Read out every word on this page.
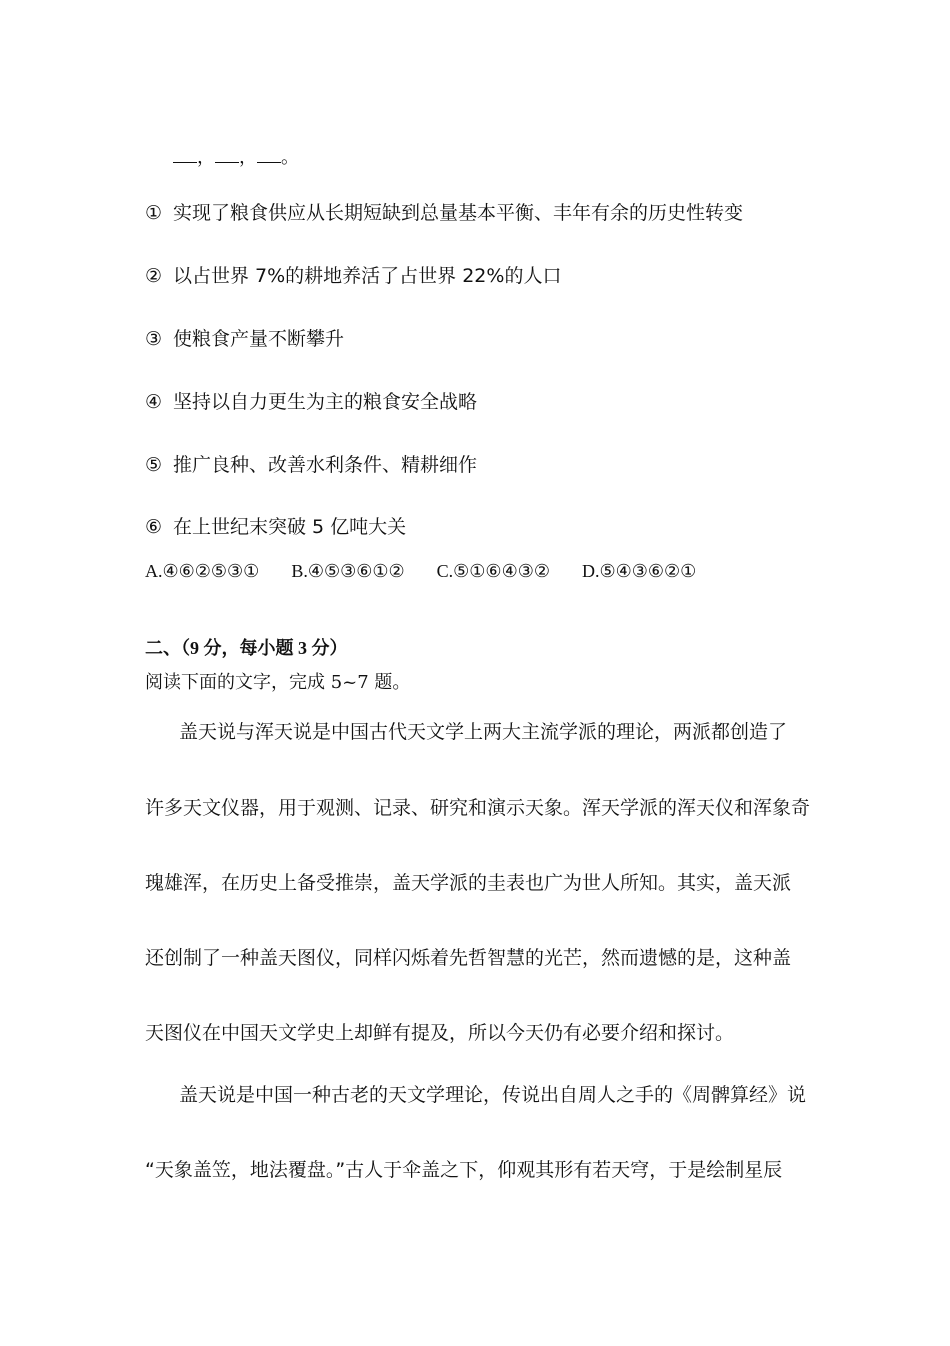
， ， 。

① 实现了粮食供应从长期短缺到总量基本平衡、丰年有余的历史性转变

② 以占世界 7%的耕地养活了占世界 22%的人口

③ 使粮食产量不断攀升

④ 坚持以自力更生为主的粮食安全战略

⑤ 推广良种、改善水利条件、精耕细作

⑥ 在上世纪末突破 5 亿吨大关

A.④⑥②⑤③① B.④⑤③⑥①② C.⑤①⑥④③② D.⑤④③⑥②①

二、（9 分，每小题 3 分）

阅读下面的文字，完成 5~7 题。

盖天说与浑天说是中国古代天文学上两大主流学派的理论，两派都创造了

许多天文仪器，用于观测、记录、研究和演示天象。浑天学派的浑天仪和浑象奇

瑰雄浑，在历史上备受推崇，盖天学派的圭表也广为世人所知。其实，盖天派

还创制了一种盖天图仪，同样闪烁着先哲智慧的光芒，然而遗憾的是，这种盖

天图仪在中国天文学史上却鲜有提及，所以今天仍有必要介绍和探讨。

盖天说是中国一种古老的天文学理论，传说出自周人之手的《周髀算经》说

“天象盖笠，地法覆盘。”古人于伞盖之下，仰观其形有若天穹，于是绘制星辰
